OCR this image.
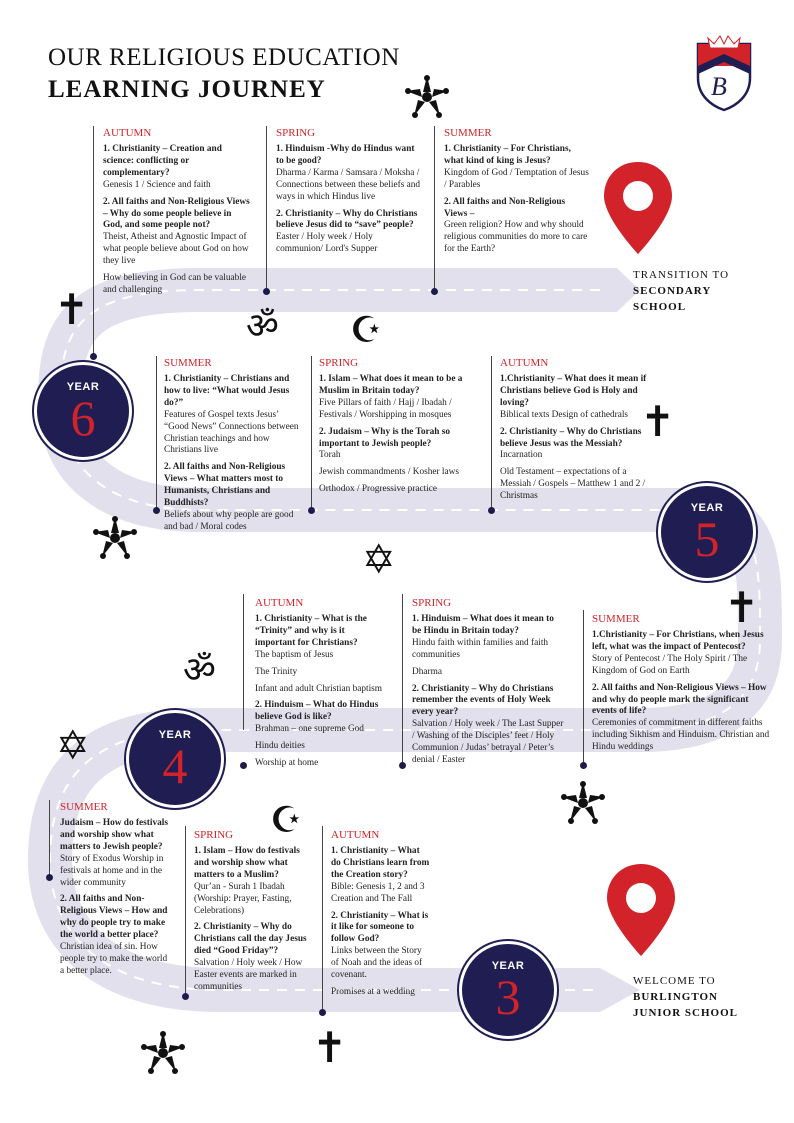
OUR RELIGIOUS EDUCATION
LEARNING JOURNEY	B
TRANSITION TO
SECONDARY
SCHOOL
WELCOME TO
BURLINGTON
JUNIOR SCHOOL
YEAR
6
YEAR
5
YEAR
4
YEAR
3
AUTUMN
1. Christianity – Creation and science: conflicting or complementary?
Genesis 1 / Science and faith
2. All faiths and Non-Religious Views – Why do some people believe in God, and some people not?
Theist, Atheist and Agnostic Impact of what people believe about God on how they live
How believing in God can be valuable and challenging
SPRING
1. Hinduism -Why do Hindus want to be good?
Dharma / Karma / Samsara / Moksha / Connections between these beliefs and ways in which Hindus live
2. Christianity – Why do Christians believe Jesus did to “save” people?
Easter / Holy week / Holy communion/ Lord's Supper
SUMMER
1. Christianity – For Christians, what kind of king is Jesus?
Kingdom of God / Temptation of Jesus / Parables
2. All faiths and Non-Religious Views –
Green religion? How and why should religious communities do more to care for the Earth?
SUMMER
1. Christianity – Christians and how to live: “What would Jesus do?”
Features of Gospel texts Jesus’ “Good News” Connections between Christian teachings and how Christians live
2. All faiths and Non-Religious Views – What matters most to Humanists, Christians and Buddhists?
Beliefs about why people are good and bad / Moral codes
SPRING
1. Islam – What does it mean to be a Muslim in Britain today?
Five Pillars of faith / Hajj / Ibadah / Festivals / Worshipping in mosques
2. Judaism – Why is the Torah so important to Jewish people?
Torah
Jewish commandments / Kosher laws
Orthodox / Progressive practice
AUTUMN
1.Christianity – What does it mean if Christians believe God is Holy and loving?
Biblical texts Design of cathedrals
2. Christianity – Why do Christians believe Jesus was the Messiah?
Incarnation
Old Testament – expectations of a Messiah / Gospels – Matthew 1 and 2 / Christmas
AUTUMN
1. Christianity – What is the “Trinity” and why is it important for Christians?
The baptism of Jesus
The Trinity
Infant and adult Christian baptism
2. Hinduism – What do Hindus believe God is like?
Brahman – one supreme God
Hindu deities
Worship at home
SPRING
1. Hinduism – What does it mean to be Hindu in Britain today?
Hindu faith within families and faith communities
Dharma
2. Christianity – Why do Christians remember the events of Holy Week every year?
Salvation / Holy week / The Last Supper / Washing of the Disciples’ feet / Holy Communion / Judas’ betrayal / Peter’s denial / Easter
SUMMER
1.Christianity – For Christians, when Jesus left, what was the impact of Pentecost?
Story of Pentecost / The Holy Spirit / The Kingdom of God on Earth
2. All faiths and Non-Religious Views – How and why do people mark the significant events of life?
Ceremonies of commitment in different faiths including Sikhism and Hinduism. Christian and Hindu weddings
SUMMER
Judaism – How do festivals and worship show what matters to Jewish people?
Story of Exodus Worship in festivals at home and in the wider community
2. All faiths and Non-Religious Views – How and why do people try to make the world a better place?
Christian idea of sin. How people try to make the world a better place.
SPRING
1. Islam – How do festivals and worship show what matters to a Muslim?
Qur’an - Surah 1 Ibadah (Worship: Prayer, Fasting, Celebrations)
2. Christianity – Why do Christians call the day Jesus died “Good Friday”?
Salvation / Holy week / How Easter events are marked in communities
AUTUMN
1. Christianity – What do Christians learn from the Creation story?
Bible: Genesis 1, 2 and 3 Creation and The Fall
2. Christianity – What is it like for someone to follow God?
Links between the Story of Noah and the ideas of covenant.
Promises at a wedding
✝
✝
✝
✝
ॐ
ॐ
☪
☪
✡
✡
